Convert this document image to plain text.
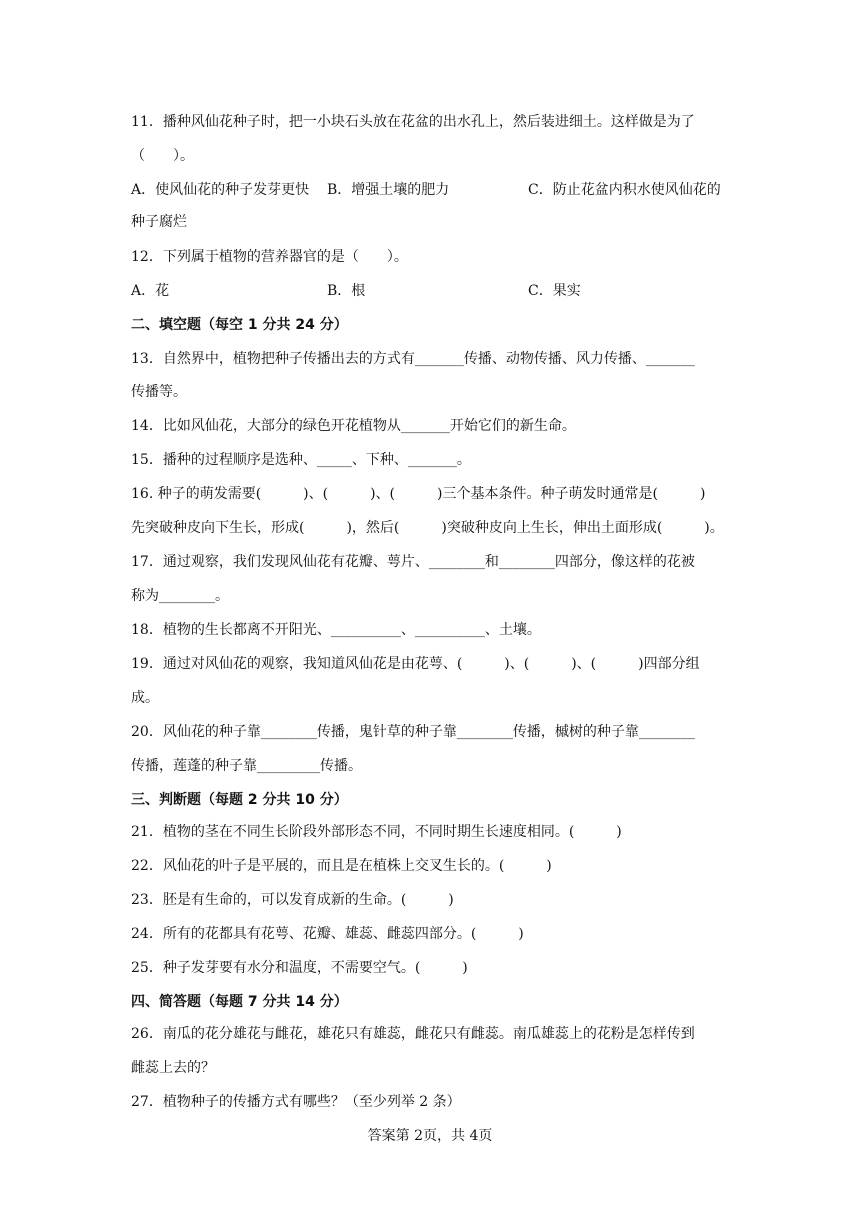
11．播种风仙花种子时，把一小块石头放在花盆的出水孔上，然后装进细土。这样做是为了
（　　）。
A．使风仙花的种子发芽更快 B．增强土壤的肥力	C．防止花盆内积水使风仙花的
种子腐烂
12．下列属于植物的营养器官的是（　　）。
A．花	B．根	C．果实
二、填空题（每空 1 分共 24 分）
13．自然界中，植物把种子传播出去的方式有_______传播、动物传播、风力传播、_______
传播等。
14．比如风仙花，大部分的绿色开花植物从_______开始它们的新生命。
15．播种的过程顺序是选种、_____、下种、_______。
16. 种子的萌发需要(　　　)、(　　　)、(　　　)三个基本条件。种子萌发时通常是(　　　)
先突破种皮向下生长，形成(　　　)，然后(　　　)突破种皮向上生长，伸出土面形成(　　　)。
17．通过观察，我们发现风仙花有花瓣、萼片、________和________四部分，像这样的花被
称为________。
18．植物的生长都离不开阳光、__________、__________、土壤。
19．通过对风仙花的观察，我知道风仙花是由花萼、(　　　)、(　　　)、(　　　)四部分组
成。
20．风仙花的种子靠________传播，鬼针草的种子靠________传播，槭树的种子靠________
传播，莲蓬的种子靠_________传播。
三、判断题（每题 2 分共 10 分）
21．植物的茎在不同生长阶段外部形态不同，不同时期生长速度相同。(　　　)
22．风仙花的叶子是平展的，而且是在植株上交叉生长的。(　　　)
23．胚是有生命的，可以发育成新的生命。(　　　)
24．所有的花都具有花萼、花瓣、雄蕊、雌蕊四部分。(　　　)
25．种子发芽要有水分和温度，不需要空气。(　　　)
四、简答题（每题 7 分共 14 分）
26．南瓜的花分雄花与雌花，雄花只有雄蕊，雌花只有雌蕊。南瓜雄蕊上的花粉是怎样传到
雌蕊上去的？
27．植物种子的传播方式有哪些？（至少列举 2 条）
答案第 2页，共 4页
